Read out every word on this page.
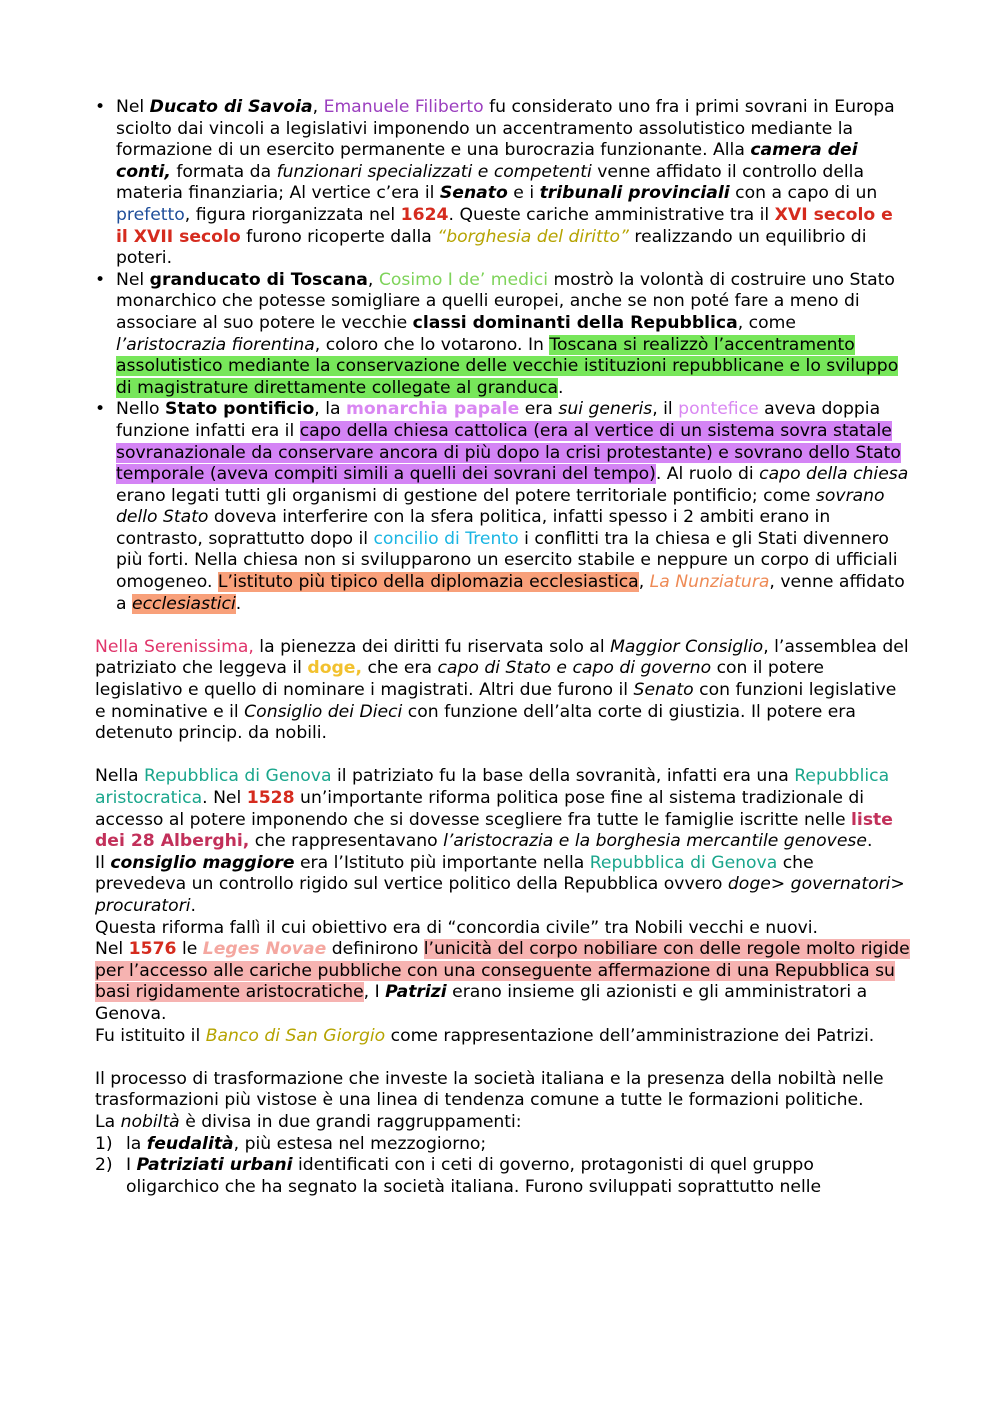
• Nel Ducato di Savoia, Emanuele Filiberto fu considerato uno fra i primi sovrani in Europa sciolto dai vincoli a legislativi imponendo un accentramento assolutistico mediante la formazione di un esercito permanente e una burocrazia funzionante. Alla camera dei conti, formata da funzionari specializzati e competenti venne affidato il controllo della materia finanziaria; Al vertice c’era il Senato e i tribunali provinciali con a capo di un prefetto, figura riorganizzata nel 1624. Queste cariche amministrative tra il XVI secolo e il XVII secolo furono ricoperte dalla “borghesia del diritto” realizzando un equilibrio di poteri.

• Nel granducato di Toscana, Cosimo I de’ medici mostrò la volontà di costruire uno Stato monarchico che potesse somigliare a quelli europei, anche se non poté fare a meno di associare al suo potere le vecchie classi dominanti della Repubblica, come l’aristocrazia fiorentina, coloro che lo votarono. In Toscana si realizzò l’accentramento assolutistico mediante la conservazione delle vecchie istituzioni repubblicane e lo sviluppo di magistrature direttamente collegate al granduca.

• Nello Stato pontificio, la monarchia papale era sui generis, il pontefice aveva doppia funzione infatti era il capo della chiesa cattolica (era al vertice di un sistema sovra statale sovranazionale da conservare ancora di più dopo la crisi protestante) e sovrano dello Stato temporale (aveva compiti simili a quelli dei sovrani del tempo). Al ruolo di capo della chiesa erano legati tutti gli organismi di gestione del potere territoriale pontificio; come sovrano dello Stato doveva interferire con la sfera politica, infatti spesso i 2 ambiti erano in contrasto, soprattutto dopo il concilio di Trento i conflitti tra la chiesa e gli Stati divennero più forti. Nella chiesa non si svilupparono un esercito stabile e neppure un corpo di ufficiali omogeneo. L’istituto più tipico della diplomazia ecclesiastica, La Nunziatura, venne affidato a ecclesiastici.

Nella Serenissima, la pienezza dei diritti fu riservata solo al Maggior Consiglio, l’assemblea del patriziato che leggeva il doge, che era capo di Stato e capo di governo con il potere legislativo e quello di nominare i magistrati. Altri due furono il Senato con funzioni legislative e nominative e il Consiglio dei Dieci con funzione dell’alta corte di giustizia. Il potere era detenuto princip. da nobili.

Nella Repubblica di Genova il patriziato fu la base della sovranità, infatti era una Repubblica aristocratica. Nel 1528 un’importante riforma politica pose fine al sistema tradizionale di accesso al potere imponendo che si dovesse scegliere fra tutte le famiglie iscritte nelle liste dei 28 Alberghi, che rappresentavano l’aristocrazia e la borghesia mercantile genovese.

Il consiglio maggiore era l’Istituto più importante nella Repubblica di Genova che prevedeva un controllo rigido sul vertice politico della Repubblica ovvero doge> governatori> procuratori.

Questa riforma fallì il cui obiettivo era di “concordia civile” tra Nobili vecchi e nuovi.

Nel 1576 le Leges Novae definirono l’unicità del corpo nobiliare con delle regole molto rigide per l’accesso alle cariche pubbliche con una conseguente affermazione di una Repubblica su basi rigidamente aristocratiche, I Patrizi erano insieme gli azionisti e gli amministratori a Genova.

Fu istituito il Banco di San Giorgio come rappresentazione dell’amministrazione dei Patrizi.

Il processo di trasformazione che investe la società italiana e la presenza della nobiltà nelle trasformazioni più vistose è una linea di tendenza comune a tutte le formazioni politiche.

La nobiltà è divisa in due grandi raggruppamenti:

1) la feudalità, più estesa nel mezzogiorno;

2) I Patriziati urbani identificati con i ceti di governo, protagonisti di quel gruppo oligarchico che ha segnato la società italiana. Furono sviluppati soprattutto nelle
